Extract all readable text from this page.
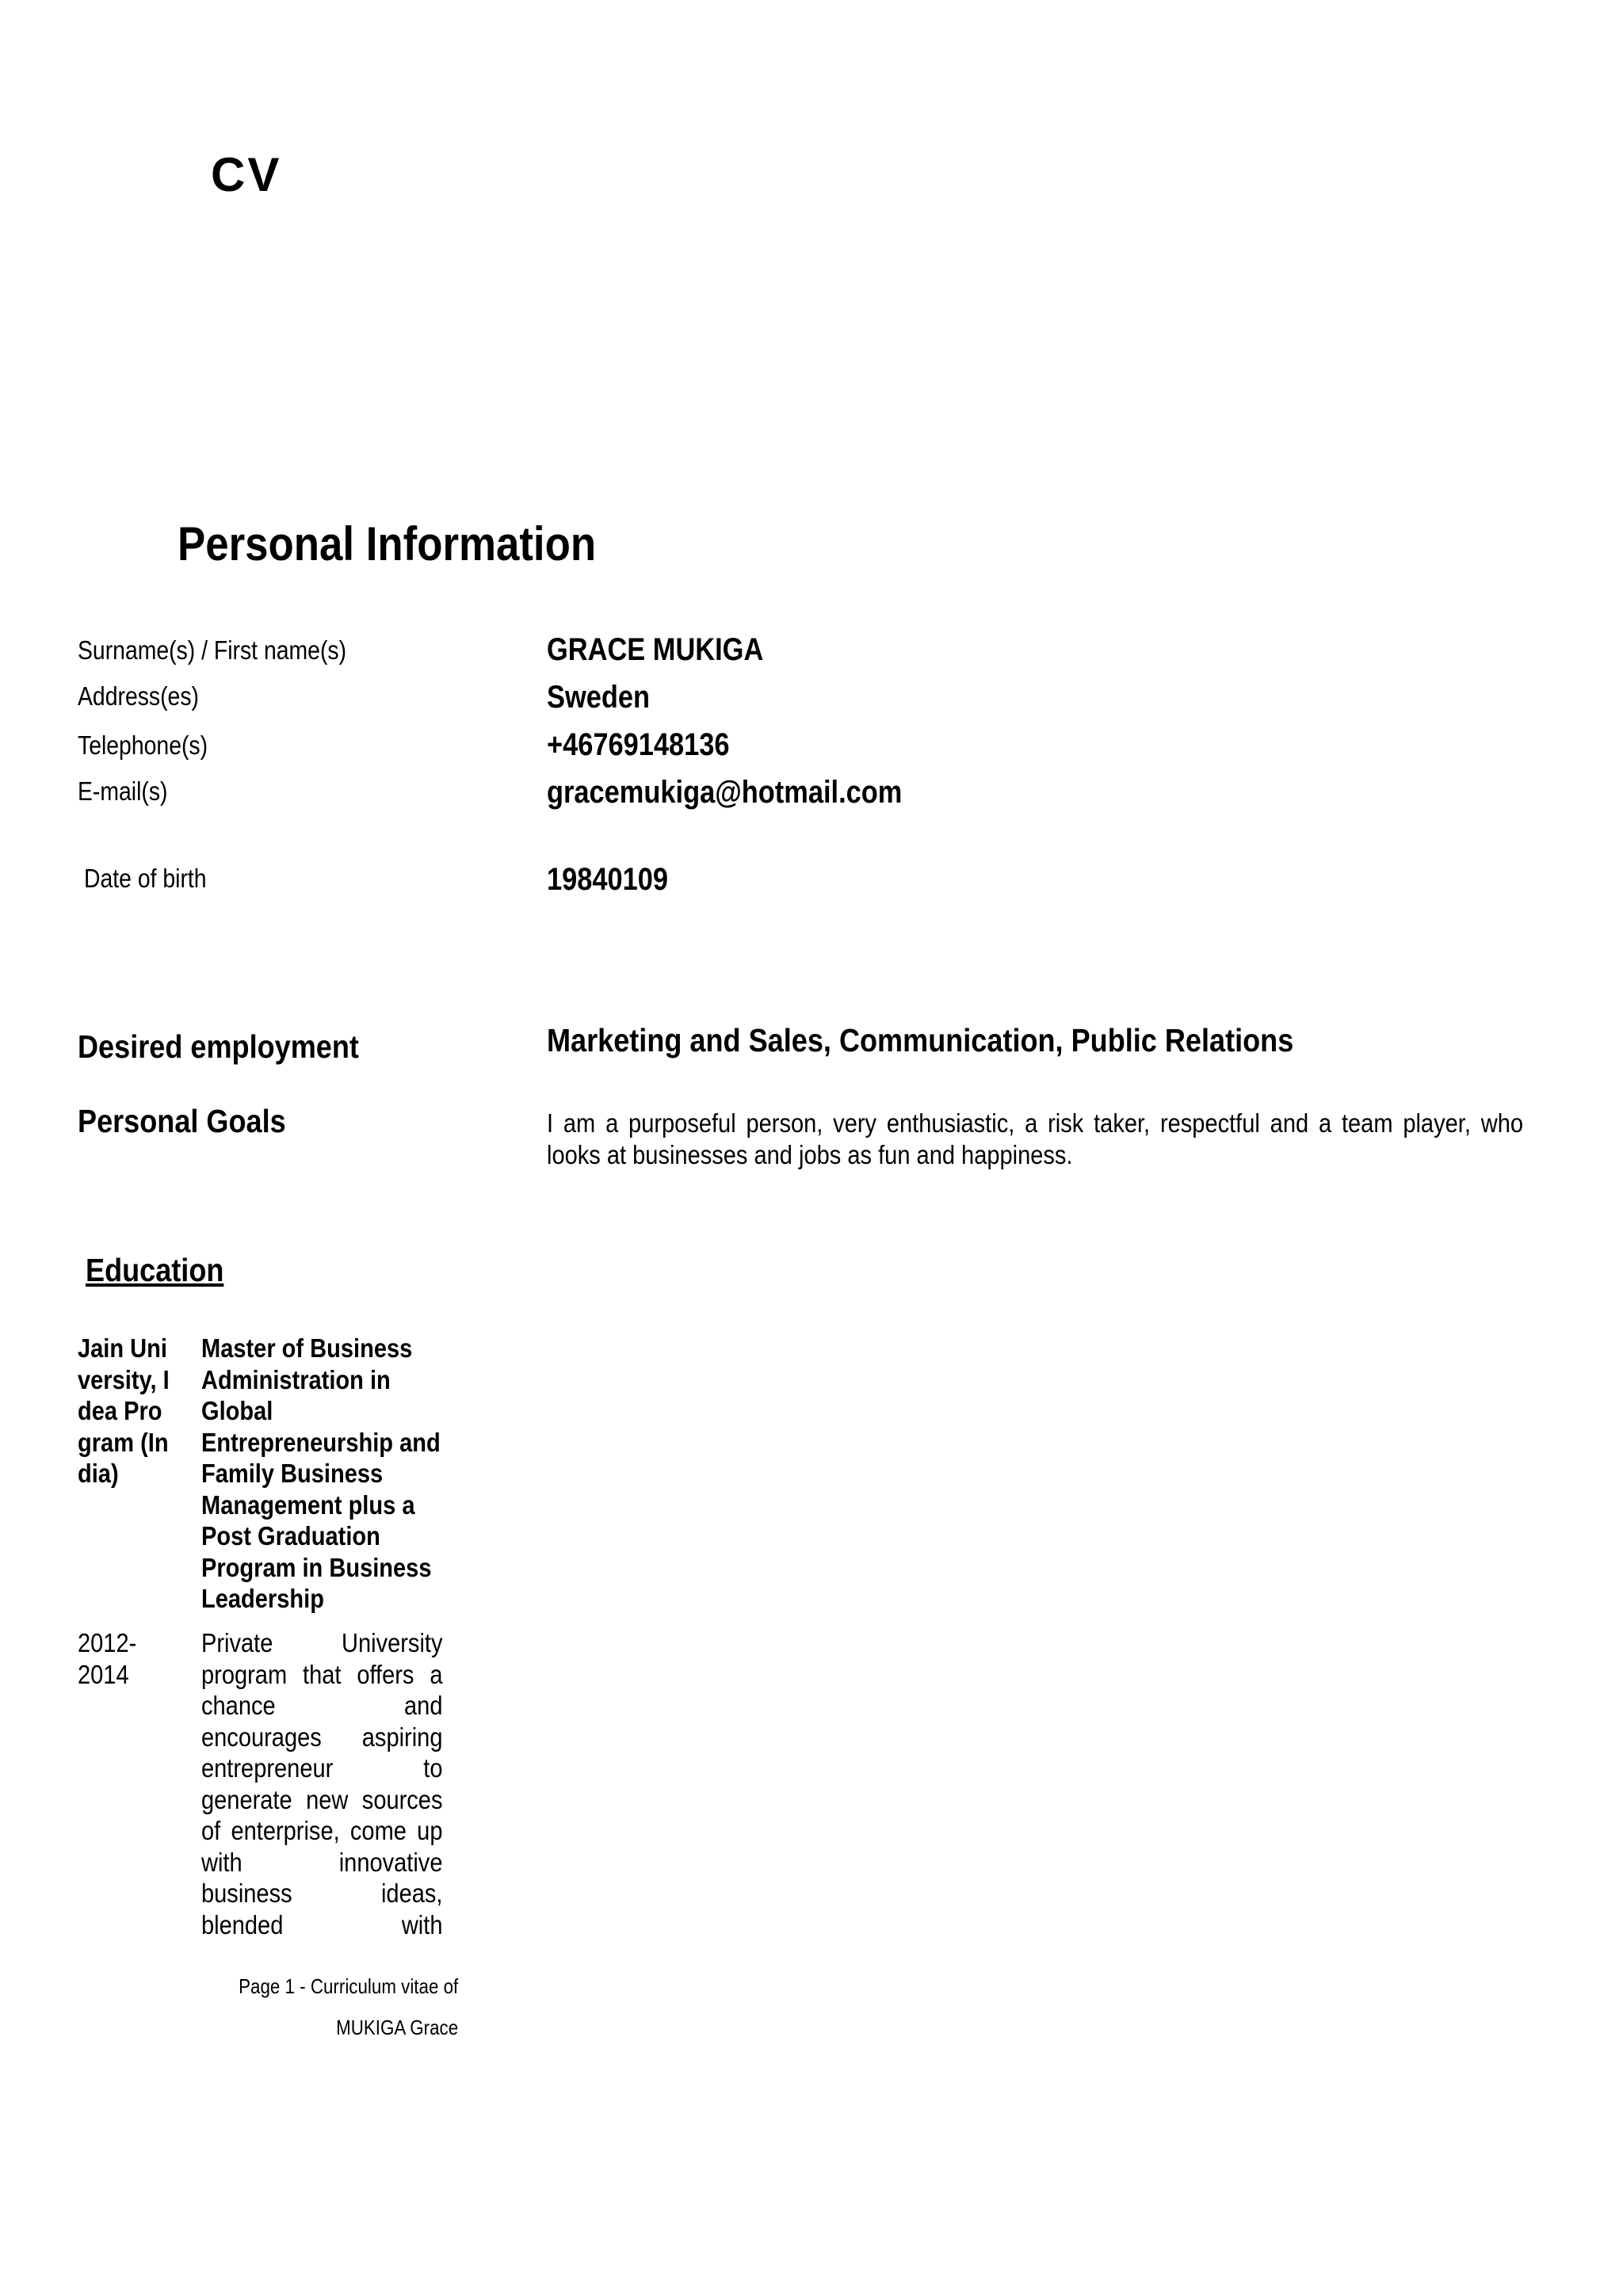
CV
Personal Information
Surname(s) / First name(s)
Address(es)
Telephone(s)
E-mail(s)
Date of birth
GRACE MUKIGA
Sweden
+46769148136
gracemukiga@hotmail.com
19840109
Desired employment	Marketing and Sales, Communication, Public Relations
Personal Goals	I am a purposeful person, very enthusiastic, a risk taker, respectful and a team player, who looks at businesses and jobs as fun and happiness.
Education
Jain University, Idea Program (India)
Master of Business Administration in Global Entrepreneurship and Family Business Management plus a Post Graduation Program in Business Leadership
2012-2014
Private University program that offers a chance and encourages aspiring entrepreneur to generate new sources of enterprise, come up with innovative business ideas, blended with
Page 1 - Curriculum vitae of
MUKIGA Grace
